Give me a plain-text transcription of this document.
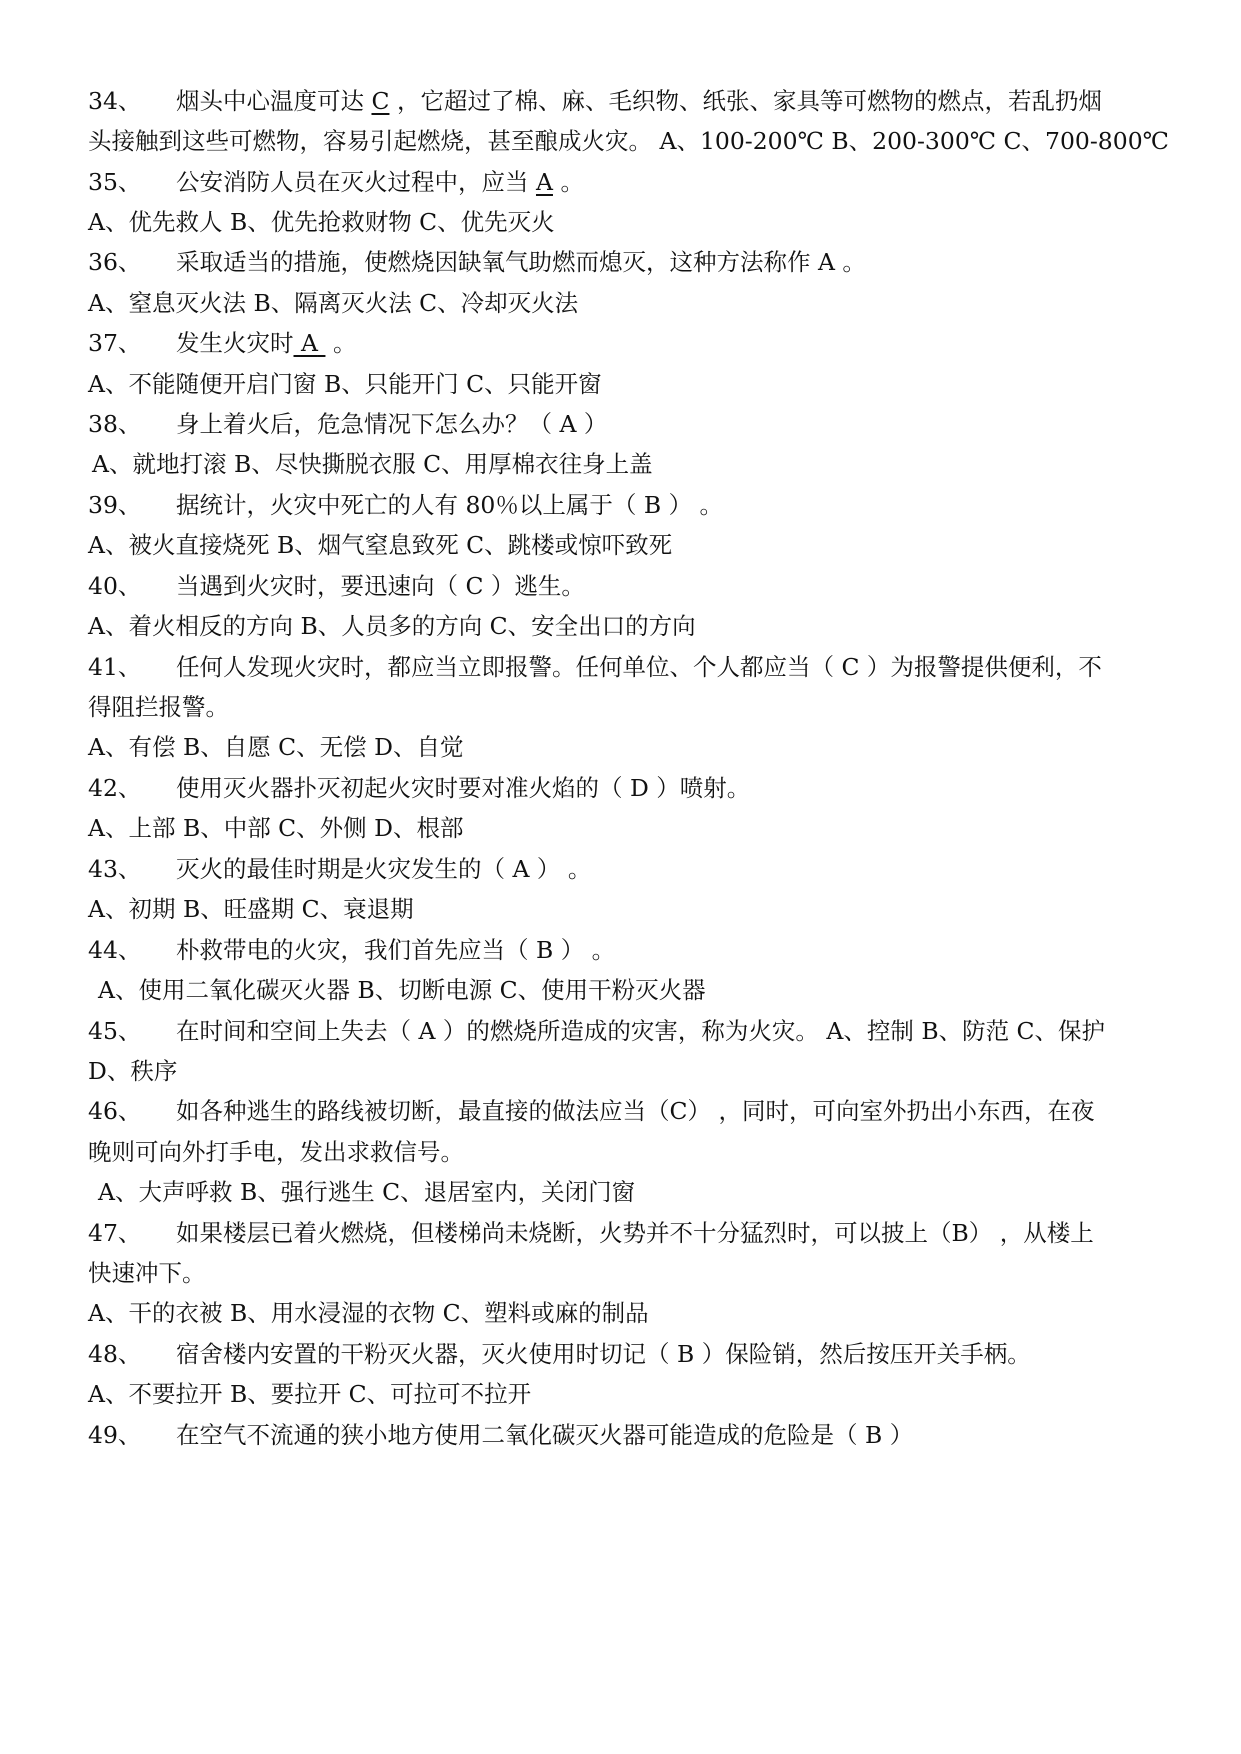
34、 烟头中心温度可达 C ，它超过了棉、麻、毛织物、纸张、家具等可燃物的燃点，若乱扔烟
头接触到这些可燃物，容易引起燃烧，甚至酿成火灾。 A、100-200℃ B、200-300℃ C、700-800℃
35、 公安消防人员在灭火过程中，应当 A 。
A、优先救人 B、优先抢救财物 C、优先灭火
36、 采取适当的措施，使燃烧因缺氧气助燃而熄灭，这种方法称作 A 。
A、窒息灭火法 B、隔离灭火法 C、冷却灭火法
37、 发生火灾时 A 。
A、不能随便开启门窗 B、只能开门 C、只能开窗
38、 身上着火后，危急情况下怎么办？（ A ）
A、就地打滚 B、尽快撕脱衣服 C、用厚棉衣往身上盖
39、 据统计，火灾中死亡的人有 80％以上属于（ B ） 。
A、被火直接烧死 B、烟气窒息致死 C、跳楼或惊吓致死
40、 当遇到火灾时，要迅速向（ C ）逃生。
A、着火相反的方向 B、人员多的方向 C、安全出口的方向
41、 任何人发现火灾时，都应当立即报警。任何单位、个人都应当（ C ）为报警提供便利，不
得阻拦报警。
A、有偿 B、自愿 C、无偿 D、自觉
42、 使用灭火器扑灭初起火灾时要对准火焰的（ D ）喷射。
A、上部 B、中部 C、外侧 D、根部
43、 灭火的最佳时期是火灾发生的（ A ） 。
A、初期 B、旺盛期 C、衰退期
44、 朴救带电的火灾，我们首先应当（ B ） 。
A、使用二氧化碳灭火器 B、切断电源 C、使用干粉灭火器
45、 在时间和空间上失去（ A ）的燃烧所造成的灾害，称为火灾。 A、控制 B、防范 C、保护
D、秩序
46、 如各种逃生的路线被切断，最直接的做法应当（C） ，同时，可向室外扔出小东西，在夜
晚则可向外打手电，发出求救信号。
A、大声呼救 B、强行逃生 C、退居室内，关闭门窗
47、 如果楼层已着火燃烧，但楼梯尚未烧断，火势并不十分猛烈时，可以披上（B） ，从楼上
快速冲下。
A、干的衣被 B、用水浸湿的衣物 C、塑料或麻的制品
48、 宿舍楼内安置的干粉灭火器，灭火使用时切记（ B ）保险销，然后按压开关手柄。
A、不要拉开 B、要拉开 C、可拉可不拉开
49、 在空气不流通的狭小地方使用二氧化碳灭火器可能造成的危险是（ B ）
